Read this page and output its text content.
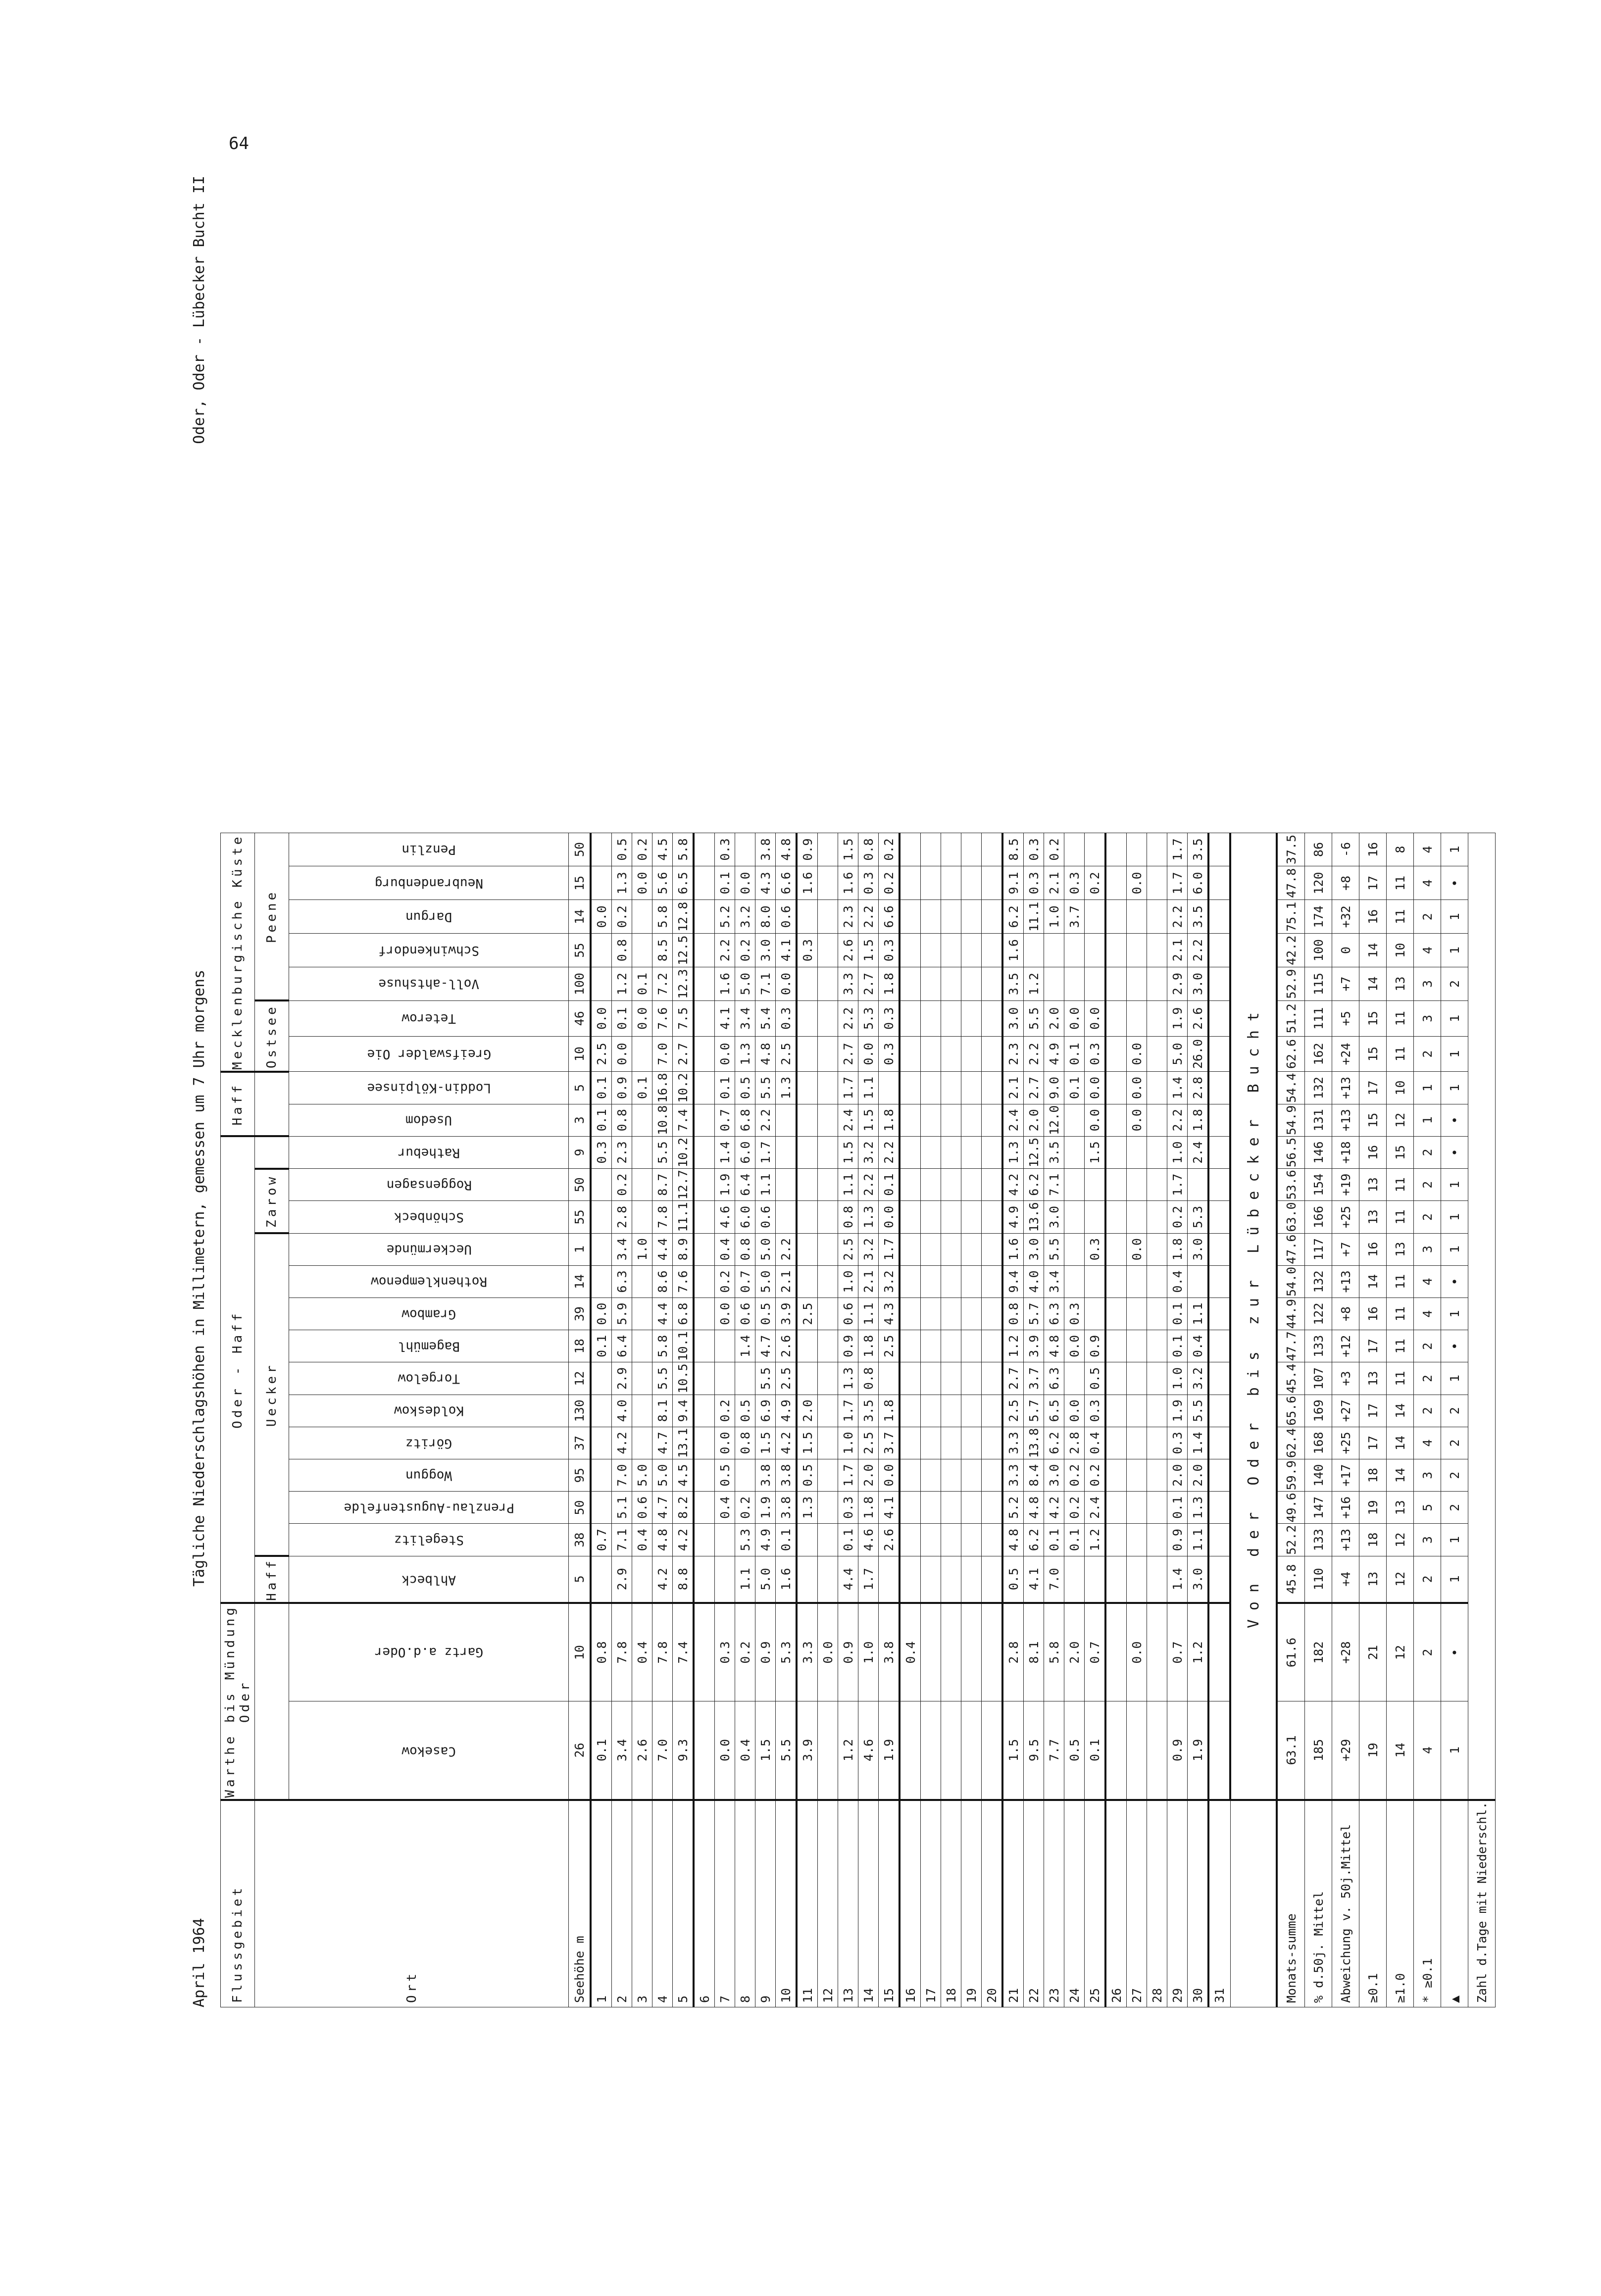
64
April 1964
Tägliche Niederschlagshöhen in Millimetern, gemessen um 7 Uhr morgens
Oder, Oder - Lübecker Bucht II
Flussgebiet	Warthe bis Mündung Oder		Oder - Haff														Haff		Mecklenburgische Küste						
Ort			Haff	Uecker										Zarow					Ostsee		Peene				
	Casekow	Gartz a.d.Oder	Ahlbeck	Stegelitz	Prenzlau-Augustenfelde	Woggun	Göritz	Koldeskow	Torgelow	Bagemühl	Grambow	Rothenklempenow	Ueckermünde	Schönbeck	Roggensagen	Rathebur	Usedom	Loddin-Kölpinsee	Greifswalder Oie	Teterow	Voll-ahtshuse	Schwinkendorf	Dargun	Neubrandenburg	Penzlin
Seehöhe m	26	10	5	38	50	95	37	130	12	18	39	14	1	55	50	9	3	5	10	46	100	55	14	15	50
1	0.1	0.8		0.7						0.1	0.0					0.3	0.1	0.1	2.5	0.0			0.0		
2	3.4	7.8	2.9	7.1	5.1	7.0	4.2	4.0	2.9	6.4	5.9	6.3	3.4	2.8	0.2	2.3	0.8	0.9	0.0	0.1	1.2	0.8	0.2	1.3	0.5
3	2.6	0.4		0.4	0.6	5.0							1.0					0.1		0.0	0.1			0.0	0.2
4	7.0	7.8	4.2	4.8	4.7	5.0	4.7	8.1	5.5	5.8	4.4	8.6	4.4	7.8	8.7	5.5	10.8	16.8	7.0	7.6	7.2	8.5	5.8	5.6	4.5
5	9.3	7.4	8.8	4.2	8.2	4.5	13.1	9.4	10.5	10.1	6.8	7.6	8.9	11.1	12.7	10.2	7.4	10.2	2.7	7.5	12.3	12.5	12.8	6.5	5.8
6																									
7	0.0	0.3			0.4	0.5	0.0	0.2			0.0	0.2	0.4	4.6	1.9	1.4	0.7	0.1	0.0	4.1	1.6	2.2	5.2	0.1	0.3
8	0.4	0.2	1.1	5.3	0.2		0.8	0.5		1.4	0.6	0.7	0.8	6.0	6.4	6.0	6.8	0.5	1.3	3.4	5.0	0.2	3.2	0.0	
9	1.5	0.9	5.0	4.9	1.9	3.8	1.5	6.9	5.5	4.7	0.5	5.0	5.0	0.6	1.1	1.7	2.2	5.5	4.8	5.4	7.1	3.0	8.0	4.3	3.8
10	5.5	5.3	1.6	0.1	3.8	3.8	4.2	4.9	2.5	2.6	3.9	2.1	2.2					1.3	2.5	0.3	0.0	4.1	0.6	6.6	4.8
11	3.9	3.3			1.3	0.5	1.5	2.0			2.5											0.3		1.6	0.9
12		0.0																							
13	1.2	0.9	4.4	0.1	0.3	1.7	1.0	1.7	1.3	0.9	0.6	1.0	2.5	0.8	1.1	1.5	2.4	1.7	2.7	2.2	3.3	2.6	2.3	1.6	1.5
14	4.6	1.0	1.7	4.6	1.8	2.0	2.5	3.5	0.8	1.8	1.1	2.1	3.2	1.3	2.2	3.2	1.5	1.1	0.0	5.3	2.7	1.5	2.2	0.3	0.8
15	1.9	3.8		2.6	4.1	0.0	3.7	1.8		2.5	4.3	3.2	1.7	0.0	0.1	2.2	1.8		0.3	0.3	1.8	0.3	6.6	0.2	0.2
16		0.4																							
17																									
18																									
19																									
20																									
21	1.5	2.8	0.5	4.8	5.2	3.3	3.3	2.5	2.7	1.2	0.8	9.4	1.6	4.9	4.2	1.3	2.4	2.1	2.3	3.0	3.5	1.6	6.2	9.1	8.5
22	9.5	8.1	4.1	6.2	4.8	8.4	13.8	5.7	3.7	3.9	5.7	4.0	3.0	13.6	6.2	12.5	2.0	2.7	2.2	5.5	1.2		11.1	0.3	0.3
23	7.7	5.8	7.0	0.1	4.2	3.0	6.2	6.5	6.3	4.8	6.3	3.4	5.5	3.0	7.1	3.5	12.0	9.0	4.9	2.0			1.0	2.1	0.2
24	0.5	2.0		0.1	0.2	0.2	2.8	0.0		0.0	0.3							0.1	0.1	0.0			3.7	0.3	
25	0.1	0.7		1.2	2.4	0.2	0.4	0.3	0.5	0.9			0.3			1.5	0.0	0.0	0.3	0.0				0.2	
26																									
27		0.0											0.0				0.0	0.0	0.0					0.0	
28																									
29	0.9	0.7	1.4	0.9	0.1	2.0	0.3	1.9	1.0	0.1	0.1	0.4	1.8	0.2	1.7	1.0	2.2	1.4	5.0	1.9	2.9	2.1	2.2	1.7	1.7
30	1.9	1.2	3.0	1.1	1.3	2.0	1.4	5.5	3.2	0.4	1.1		3.0	5.3		2.4	1.8	2.8	26.0	2.6	3.0	2.2	3.5	6.0	3.5
31																									
	Von der Oder bis zur Lübecker Bucht																								
Monats-summe	63.1	61.6	45.8	52.2	49.6	59.9	62.4	65.6	45.4	47.7	44.9	54.0	47.6	63.0	53.6	56.5	54.9	54.4	62.6	51.2	52.9	42.2	75.1	47.8	37.5
% d.50j. Mittel	185	182	110	133	147	140	168	169	107	133	122	132	117	166	154	146	131	132	162	111	115	100	174	120	86
Abweichung v. 50j.Mittel	+29	+28	+4	+13	+16	+17	+25	+27	+3	+12	+8	+13	+7	+25	+19	+18	+13	+13	+24	+5	+7	0	+32	+8	-6
≥0.1	19	21	13	18	19	18	17	17	13	17	16	14	16	13	13	16	15	17	15	15	14	14	16	17	16
≥1.0	14	12	12	12	13	14	14	14	11	11	11	11	13	11	11	15	12	10	11	11	13	10	11	11	8
* ≥0.1	4	2	2	3	5	3	4	2	2	2	4	4	3	2	2	2	1	1	2	3	3	4	2	4	4
▲	1	•	1	1	2	2	2	2	1	•	1	•	1	1	1	•	•	1	1	1	2	1	1	•	1
Zahl d.Tage mit Niederschl.																									
